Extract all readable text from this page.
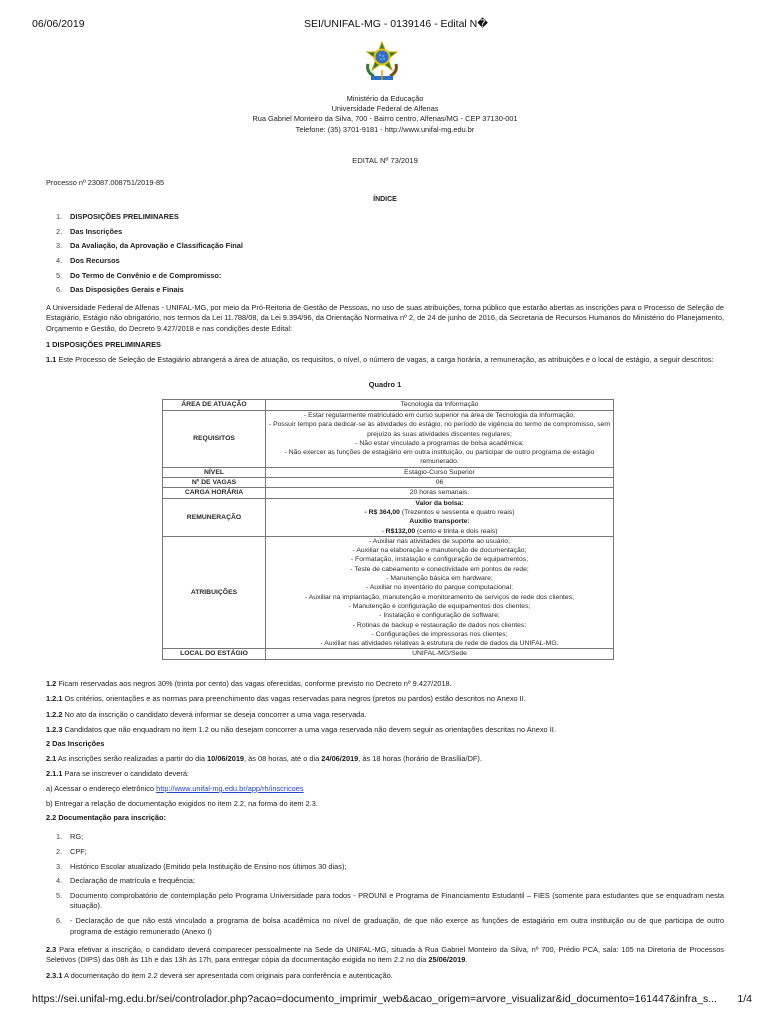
06/06/2019	SEI/UNIFAL-MG - 0139146 - Edital N�
Ministério da Educação
Universidade Federal de Alfenas
Rua Gabriel Monteiro da Silva, 700 - Bairro centro, Alfenas/MG - CEP 37130-001
Telefone: (35) 3701-9181 - http://www.unifal-mg.edu.br
EDITAL Nº 73/2019
Processo nº 23087.008751/2019-85
ÍNDICE
1.	DISPOSIÇÕES PRELIMINARES
2.	Das Inscrições
3.	Da Avaliação, da Aprovação e Classificação Final
4.	Dos Recursos
5.	Do Termo de Convênio e de Compromisso:
6.	Das Disposições Gerais e Finais

A Universidade Federal de Alfenas - UNIFAL-MG, por meio da Pró-Reitoria de Gestão de Pessoas, no uso de suas atribuições, torna público que estarão abertas as inscrições para o Processo de Seleção de Estagiário, Estágio não obrigatório, nos termos da Lei 11.788/08, da Lei 9.394/96, da Orientação Normativa nº 2, de 24 de junho de 2016, da Secretaria de Recursos Humanos do Ministério do Planejamento, Orçamento e Gestão, do Decreto 9.427/2018 e nas condições deste Edital:

1 DISPOSIÇÕES PRELIMINARES

1.1 Este Processo de Seleção de Estagiário abrangerá a área de atuação, os requisitos, o nível, o número de vagas, a carga horária, a remuneração, as atribuições e o local de estágio, a seguir descritos:

Quadro 1
ÁREA DE ATUAÇÃO	Tecnologia da Informação
REQUISITOS	- Estar regularmente matriculado em curso superior na área de Tecnologia da Informação;
- Possuir tempo para dedicar-se às atividades do estágio, no período de vigência do termo de compromisso, sem prejuízo às suas atividades discentes regulares;
- Não estar vinculado a programas de bolsa acadêmica;
- Não exercer as funções de estagiário em outra instituição, ou participar de outro programa de estágio remunerado.

NÍVEL	Estágio-Curso Superior
Nº DE VAGAS	06
CARGA HORÁRIA	20 horas semanais.
REMUNERAÇÃO	Valor da bolsa:
- R$ 364,00 (Trezentos e sessenta e quatro reais)
Auxílio transporte:
- R$132,00 (cento e trinta e dois reais)

ATRIBUIÇÕES	
- Auxiliar nas atividades de suporte ao usuário;
- Auxiliar na elaboração e manutenção de documentação;
- Formatação, instalação e configuração de equipamentos;
- Teste de cabeamento e conectividade em pontos de rede;
- Manutenção básica em hardware;
- Auxiliar no inventário do parque computacional;
- Auxiliar na implantação, manutenção e monitoramento de serviços de rede dos clientes;
- Manutenção e configuração de equipamentos dos clientes;
- Instalação e configuração de software;
- Rotinas de backup e restauração de dados nos clientes;
- Configurações de impressoras nos clientes;
- Auxiliar nas atividades relativas à estrutura de rede de dados da UNIFAL-MG.

LOCAL DO ESTÁGIO	UNIFAL-MG/Sede

1.2 Ficam reservadas aos negros 30% (trinta por cento) das vagas oferecidas, conforme previsto no Decreto nº 9.427/2018.

1.2.1 Os critérios, orientações e as normas para preenchimento das vagas reservadas para negros (pretos ou pardos) estão descritos no Anexo II.

1.2.2 No ato da inscrição o candidato deverá informar se deseja concorrer a uma vaga reservada.

1.2.3 Candidatos que não enquadram no item 1.2 ou não desejam concorrer a uma vaga reservada não devem seguir as orientações descritas no Anexo II.

2 Das Inscrições

2.1 As inscrições serão realizadas a partir do dia 10/06/2019, às 08 horas, até o dia 24/06/2019, às 18 horas (horário de Brasília/DF).

2.1.1 Para se inscrever o candidato deverá:

a) Acessar o endereço eletrônico http://www.unifal-mg.edu.br/app/rh/inscricoes

b) Entregar a relação de documentação exigidos no item 2.2, na forma do item 2.3.

2.2 Documentação para inscrição:

1.	RG;
2.	CPF;
3.	Histórico Escolar atualizado (Emitido pela Instituição de Ensino nos últimos 30 dias);
4.	Declaração de matrícula e frequência;
5.	Documento comprobatório de contemplação pelo Programa Universidade para todos - PROUNI e Programa de Financiamento Estudantil – FIES (somente para estudantes que se enquadram nesta situação).
6.	- Declaração de que não está vinculado a programa de bolsa acadêmica no nível de graduação, de que não exerce as funções de estagiário em outra instituição ou de que participa de outro programa de estágio remunerado (Anexo I)

2.3 Para efetivar a inscrição, o candidato deverá comparecer pessoalmente na Sede da UNIFAL-MG, situada à Rua Gabriel Monteiro da Silva, nº 700, Prédio PCA, sala: 105 na Diretoria de Processos Seletivos (DIPS) das 08h às 11h e das 13h às 17h, para entregar cópia da documentação exigida no item 2.2 no dia 25/06/2019.

2.3.1 A documentação do item 2.2 deverá ser apresentada com originais para conferência e autenticação.

https://sei.unifal-mg.edu.br/sei/controlador.php?acao=documento_imprimir_web&acao_origem=arvore_visualizar&id_documento=161447&infra_s... 1/4
